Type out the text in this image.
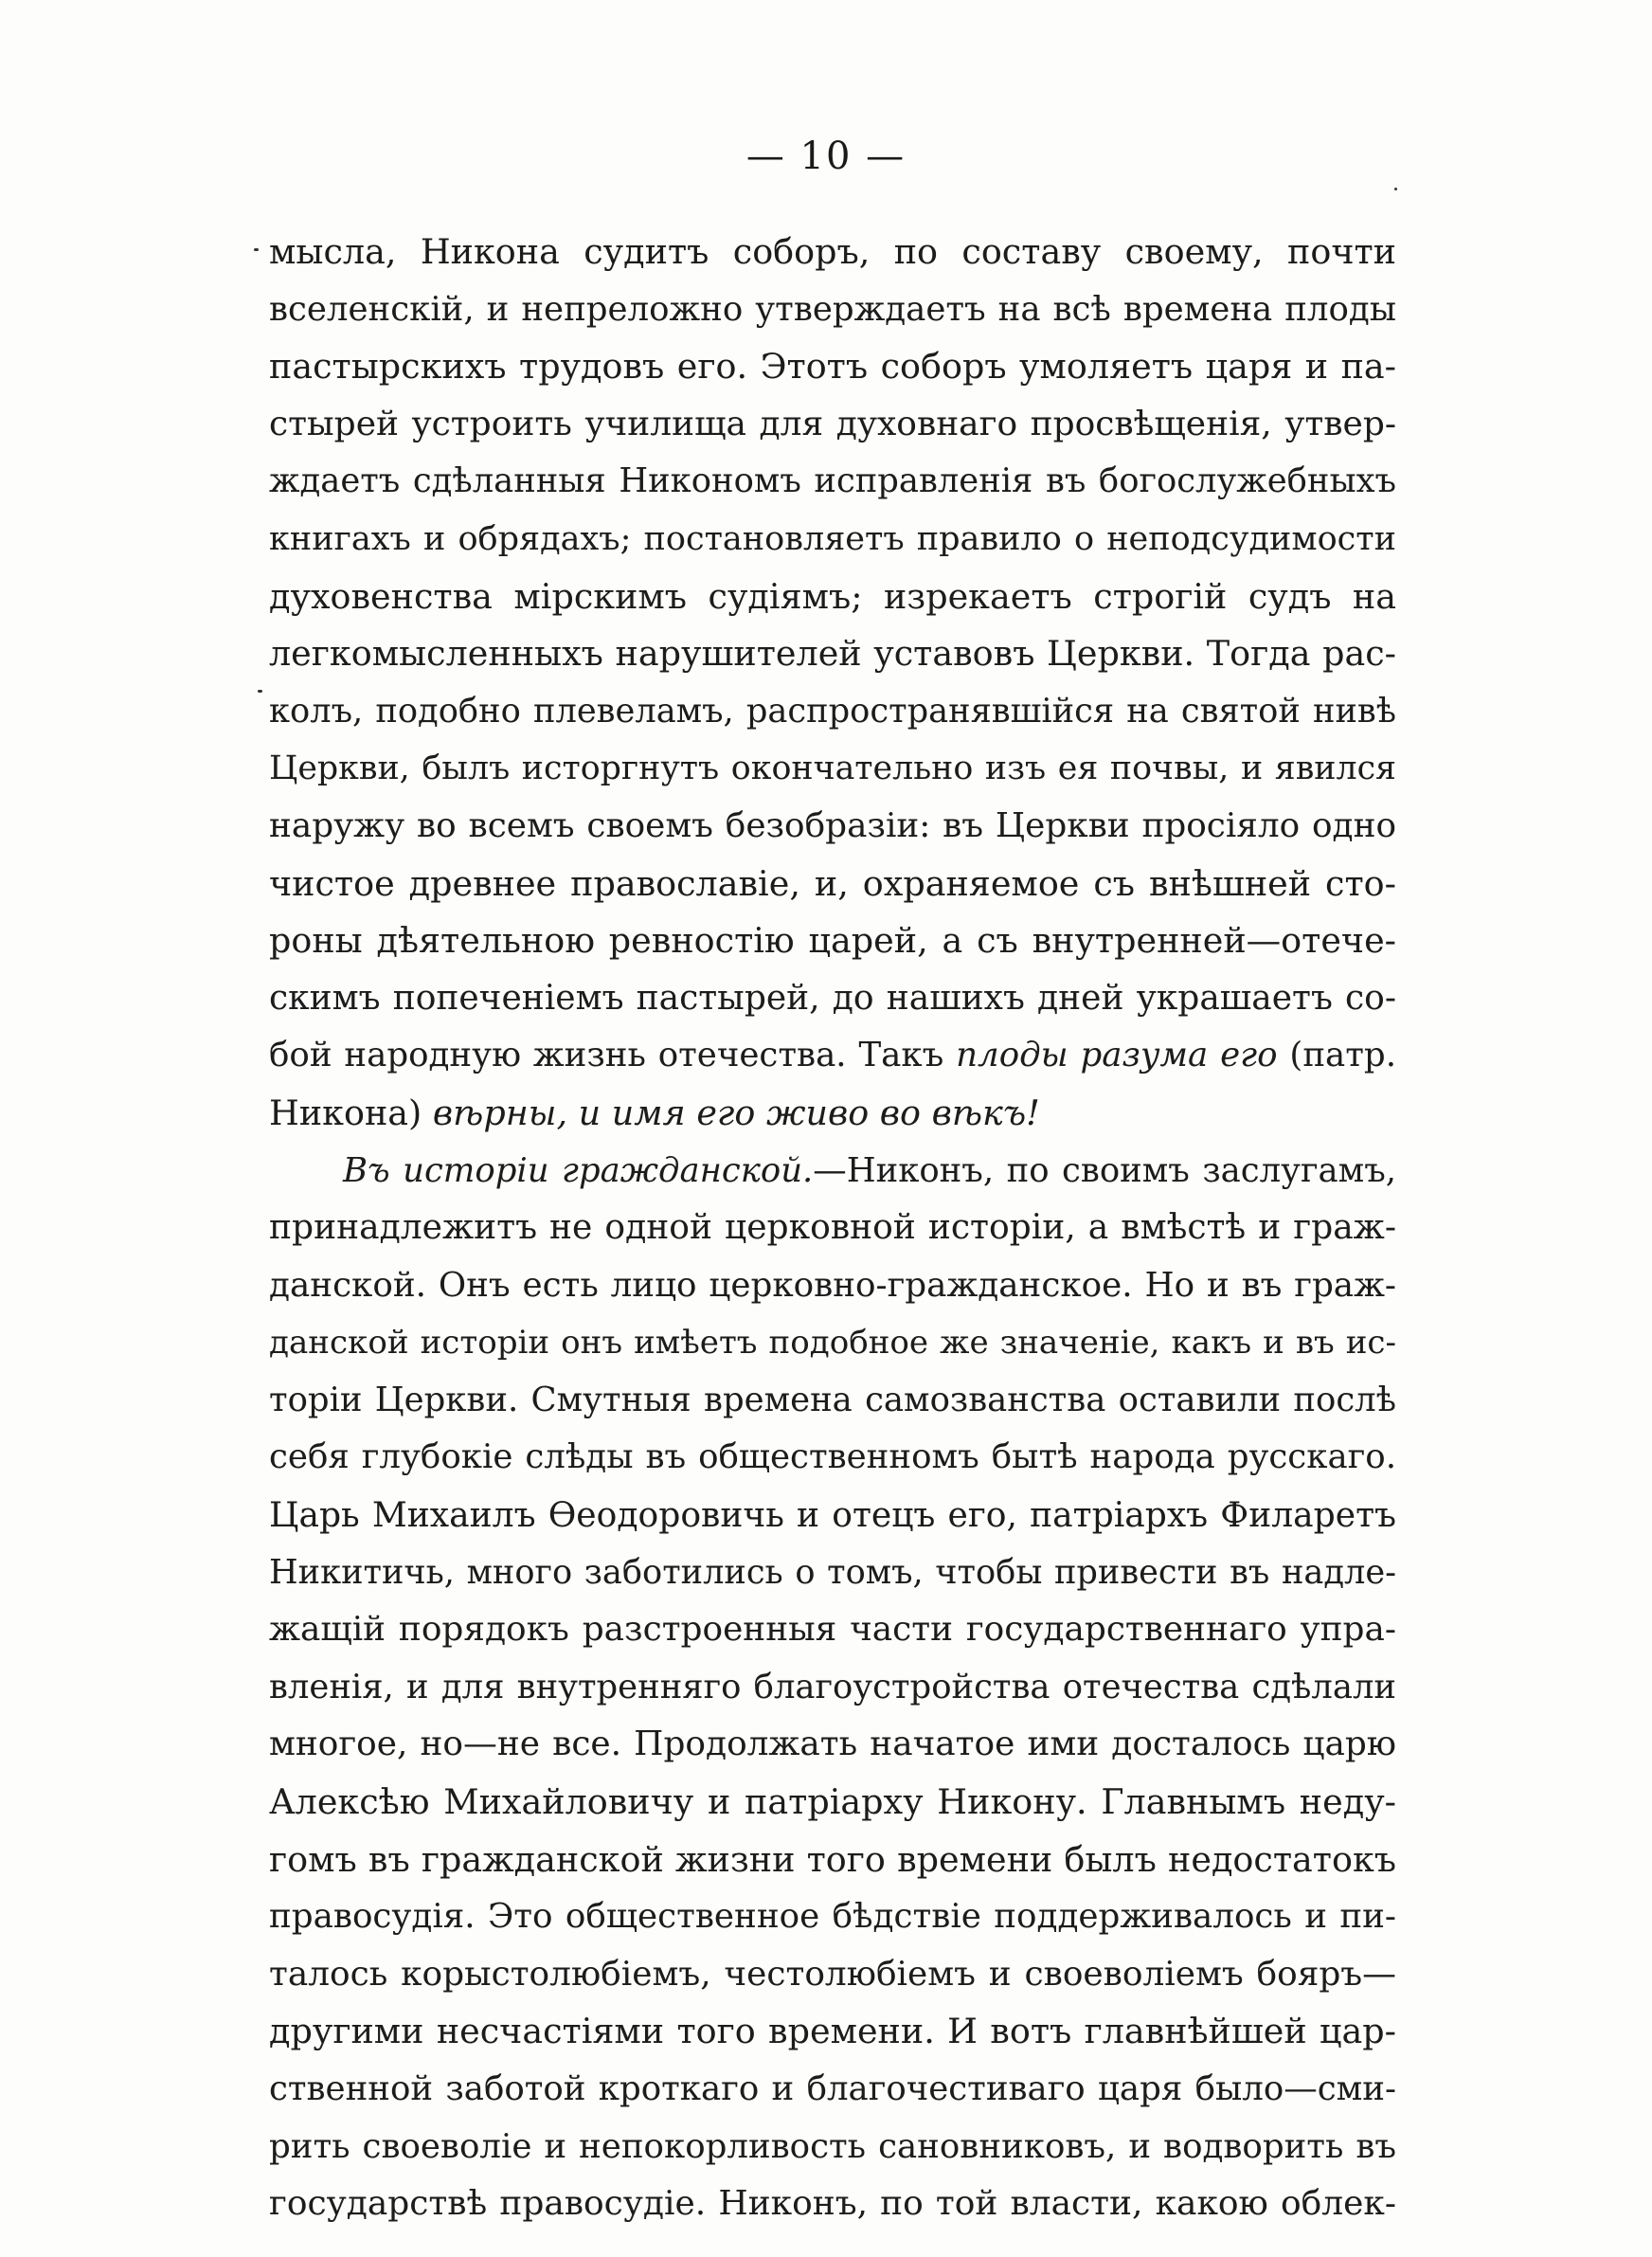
— 10 —
мысла, Никона судитъ соборъ, по составу своему, почти
вселенскій, и непреложно утверждаетъ на всѣ времена плоды
пастырскихъ трудовъ его. Этотъ соборъ умоляетъ царя и па-
стырей устроить училища для духовнаго просвѣщенія, утвер-
ждаетъ сдѣланныя Никономъ исправленія въ богослужебныхъ
книгахъ и обрядахъ; постановляетъ правило о неподсудимости
духовенства мірскимъ судіямъ; изрекаетъ строгій судъ на
легкомысленныхъ нарушителей уставовъ Церкви. Тогда рас-
колъ, подобно плевеламъ, распространявшійся на святой нивѣ
Церкви, былъ исторгнутъ окончательно изъ ея почвы, и явился
наружу во всемъ своемъ безобразіи: въ Церкви просіяло одно
чистое древнее православіе, и, охраняемое съ внѣшней сто-
роны дѣятельною ревностію царей, а съ внутренней—отече-
скимъ попеченіемъ пастырей, до нашихъ дней украшаетъ со-
бой народную жизнь отечества. Такъ плоды разума его (патр.
Никона) вѣрны, и имя его живо во вѣкъ!
Въ исторіи гражданской.—Никонъ, по своимъ заслугамъ,
принадлежитъ не одной церковной исторіи, а вмѣстѣ и граж-
данской. Онъ есть лицо церковно-гражданское. Но и въ граж-
данской исторіи онъ имѣетъ подобное же значеніе, какъ и въ ис-
торіи Церкви. Смутныя времена самозванства оставили послѣ
себя глубокіе слѣды въ общественномъ бытѣ народа русскаго.
Царь Михаилъ Ѳеодоровичь и отецъ его, патріархъ Филаретъ
Никитичь, много заботились о томъ, чтобы привести въ надле-
жащій порядокъ разстроенныя части государственнаго упра-
вленія, и для внутренняго благоустройства отечества сдѣлали
многое, но—не все. Продолжать начатое ими досталось царю
Алексѣю Михайловичу и патріарху Никону. Главнымъ неду-
гомъ въ гражданской жизни того времени былъ недостатокъ
правосудія. Это общественное бѣдствіе поддерживалось и пи-
талось корыстолюбіемъ, честолюбіемъ и своеволіемъ бояръ—
другими несчастіями того времени. И вотъ главнѣйшей цар-
ственной заботой кроткаго и благочестиваго царя было—сми-
рить своеволіе и непокорливость сановниковъ, и водворить въ
государствѣ правосудіе. Никонъ, по той власти, какою облек-
